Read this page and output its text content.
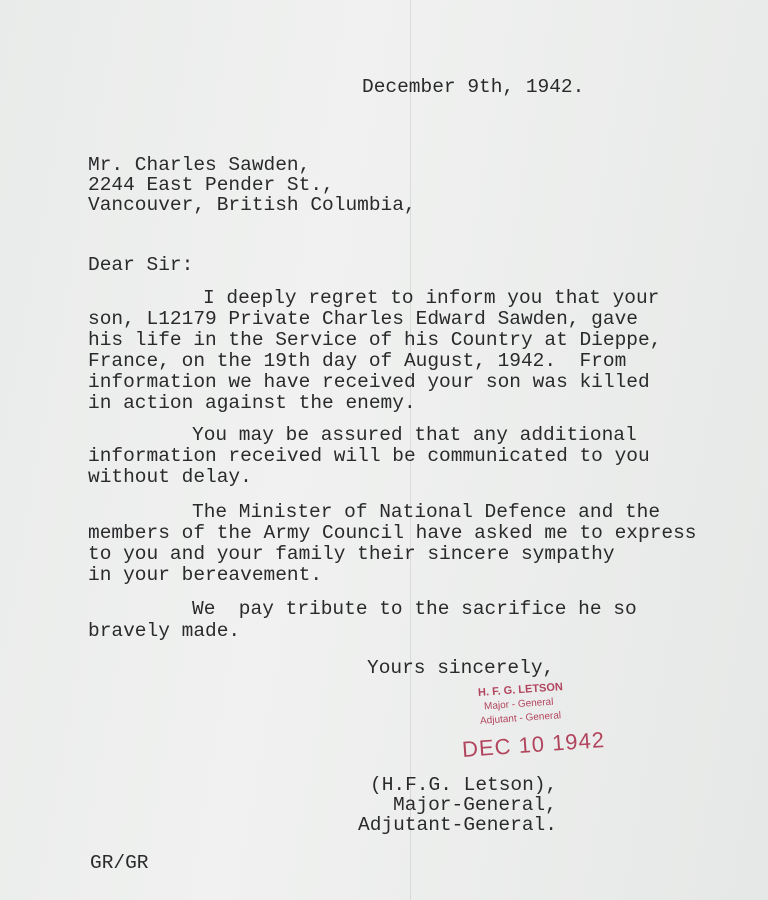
December 9th, 1942.
Mr. Charles Sawden,
2244 East Pender St.,
Vancouver, British Columbia,
Dear Sir:
I deeply regret to inform you that your
son, L12179 Private Charles Edward Sawden, gave
his life in the Service of his Country at Dieppe,
France, on the 19th day of August, 1942.  From
information we have received your son was killed
in action against the enemy.
You may be assured that any additional
information received will be communicated to you
without delay.
The Minister of National Defence and the
members of the Army Council have asked me to express
to you and your family their sincere sympathy
in your bereavement.
We  pay tribute to the sacrifice he so
bravely made.
Yours sincerely,
H. F. G. LETSON
Major - General
Adjutant - General
DEC 10 1942
(H.F.G. Letson),
Major-General,
Adjutant-General.
GR/GR
